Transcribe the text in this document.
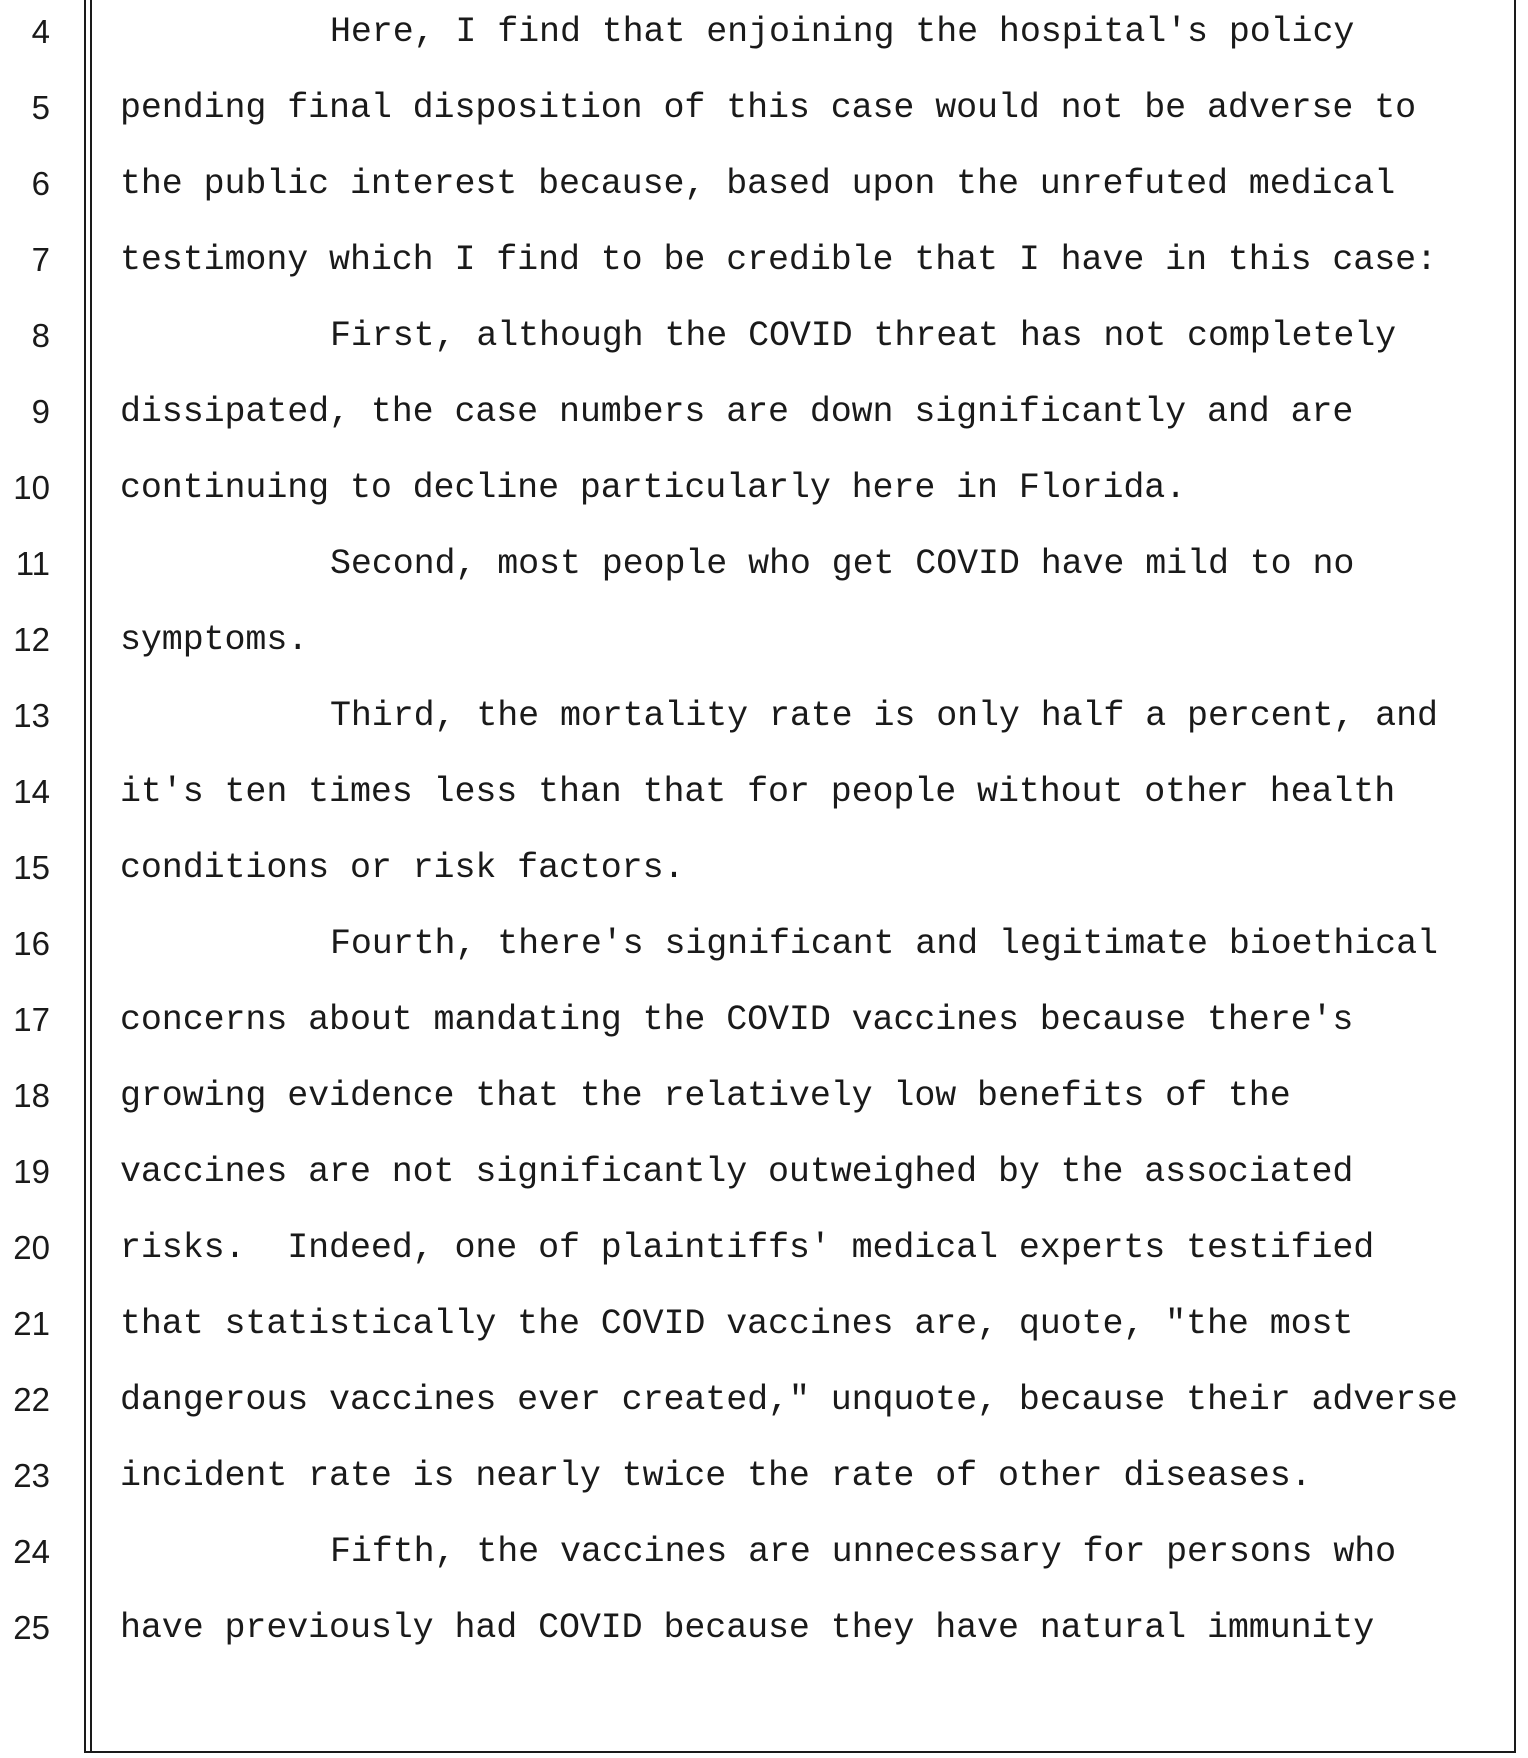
4	Here, I find that enjoining the hospital's policy
5 pending final disposition of this case would not be adverse to
6 the public interest because, based upon the unrefuted medical
7 testimony which I find to be credible that I have in this case:
8	First, although the COVID threat has not completely
9 dissipated, the case numbers are down significantly and are
10 continuing to decline particularly here in Florida.
11	Second, most people who get COVID have mild to no
12 symptoms.
13	Third, the mortality rate is only half a percent, and
14 it's ten times less than that for people without other health
15 conditions or risk factors.
16	Fourth, there's significant and legitimate bioethical
17 concerns about mandating the COVID vaccines because there's
18 growing evidence that the relatively low benefits of the
19 vaccines are not significantly outweighed by the associated
20 risks.  Indeed, one of plaintiffs' medical experts testified
21 that statistically the COVID vaccines are, quote, "the most
22 dangerous vaccines ever created," unquote, because their adverse
23 incident rate is nearly twice the rate of other diseases.
24	Fifth, the vaccines are unnecessary for persons who
25 have previously had COVID because they have natural immunity
